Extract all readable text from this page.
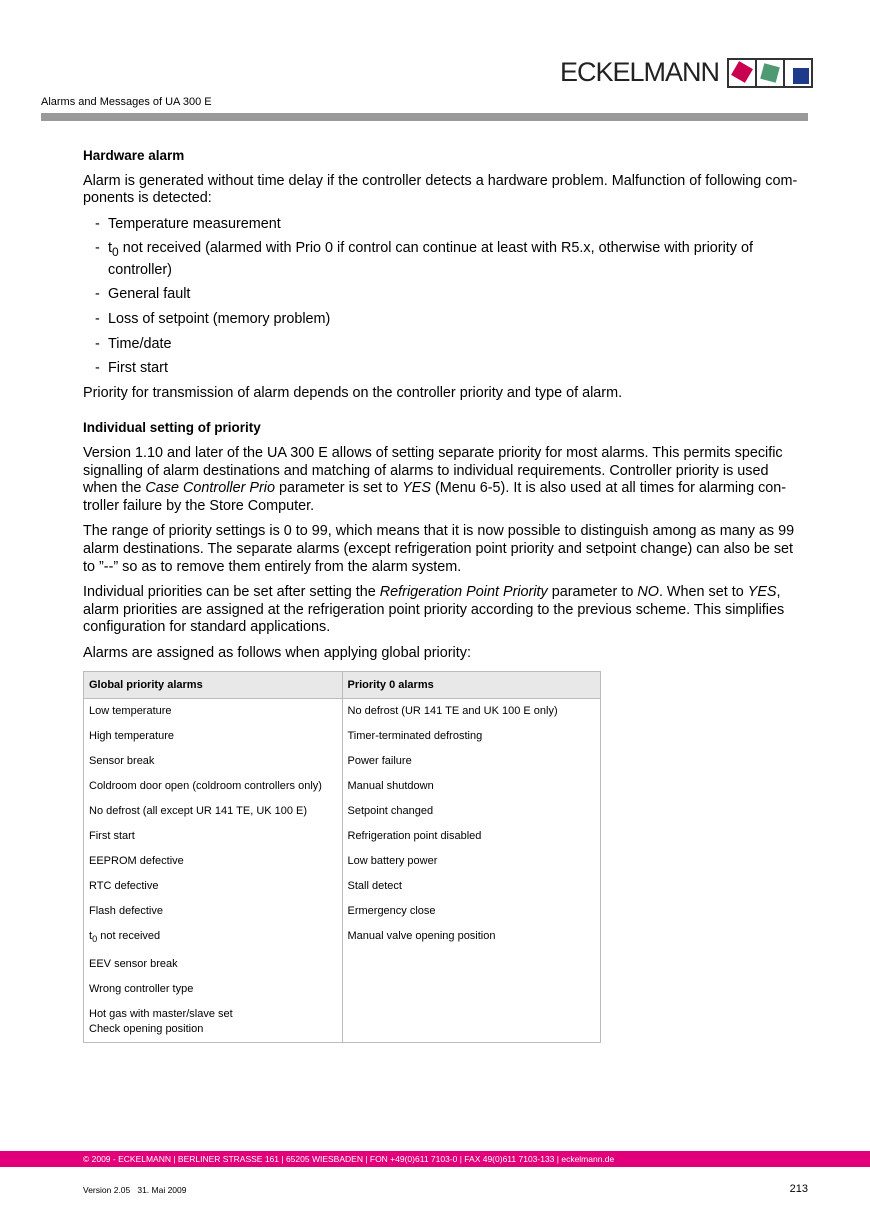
ECKELMANN
Alarms and Messages of UA 300 E
Hardware alarm

Alarm is generated without time delay if the controller detects a hardware problem. Malfunction of following components is detected:

- Temperature measurement
- $t_0$ not received (alarmed with Prio 0 if control can continue at least with R5.x, otherwise with priority of controller)
- General fault
- Loss of setpoint (memory problem)
- Time/date
- First start

Priority for transmission of alarm depends on the controller priority and type of alarm.

Individual setting of priority

Version 1.10 and later of the UA 300 E allows of setting separate priority for most alarms. This permits specific signalling of alarm destinations and matching of alarms to individual requirements. Controller priority is used when the Case Controller Prio parameter is set to YES (Menu 6-5). It is also used at all times for alarming controller failure by the Store Computer.

The range of priority settings is 0 to 99, which means that it is now possible to distinguish among as many as 99 alarm destinations. The separate alarms (except refrigeration point priority and setpoint change) can also be set to ”--” so as to remove them entirely from the alarm system.

Individual priorities can be set after setting the Refrigeration Point Priority parameter to NO. When set to YES, alarm priorities are assigned at the refrigeration point priority according to the previous scheme. This simplifies configuration for standard applications.

Alarms are assigned as follows when applying global priority:

Global priority alarms	Priority 0 alarms
Low temperature	No defrost (UR 141 TE and UK 100 E only)
High temperature	Timer-terminated defrosting
Sensor break	Power failure
Coldroom door open (coldroom controllers only)	Manual shutdown
No defrost (all except UR 141 TE, UK 100 E)	Setpoint changed
First start	Refrigeration point disabled
EEPROM defective	Low battery power
RTC defective	Stall detect
Flash defective	Ermergency close
$t_0$ not received	Manual valve opening position
EEV sensor break	
Wrong controller type	
Hot gas with master/slave set	
Check opening position	
© 2009 - ECKELMANN | BERLINER STRASSE 161 | 65205 WIESBADEN | FON +49(0)611 7103-0 | FAX 49(0)611 7103-133 | eckelmann.de
Version 2.05   31. Mai 2009	213
